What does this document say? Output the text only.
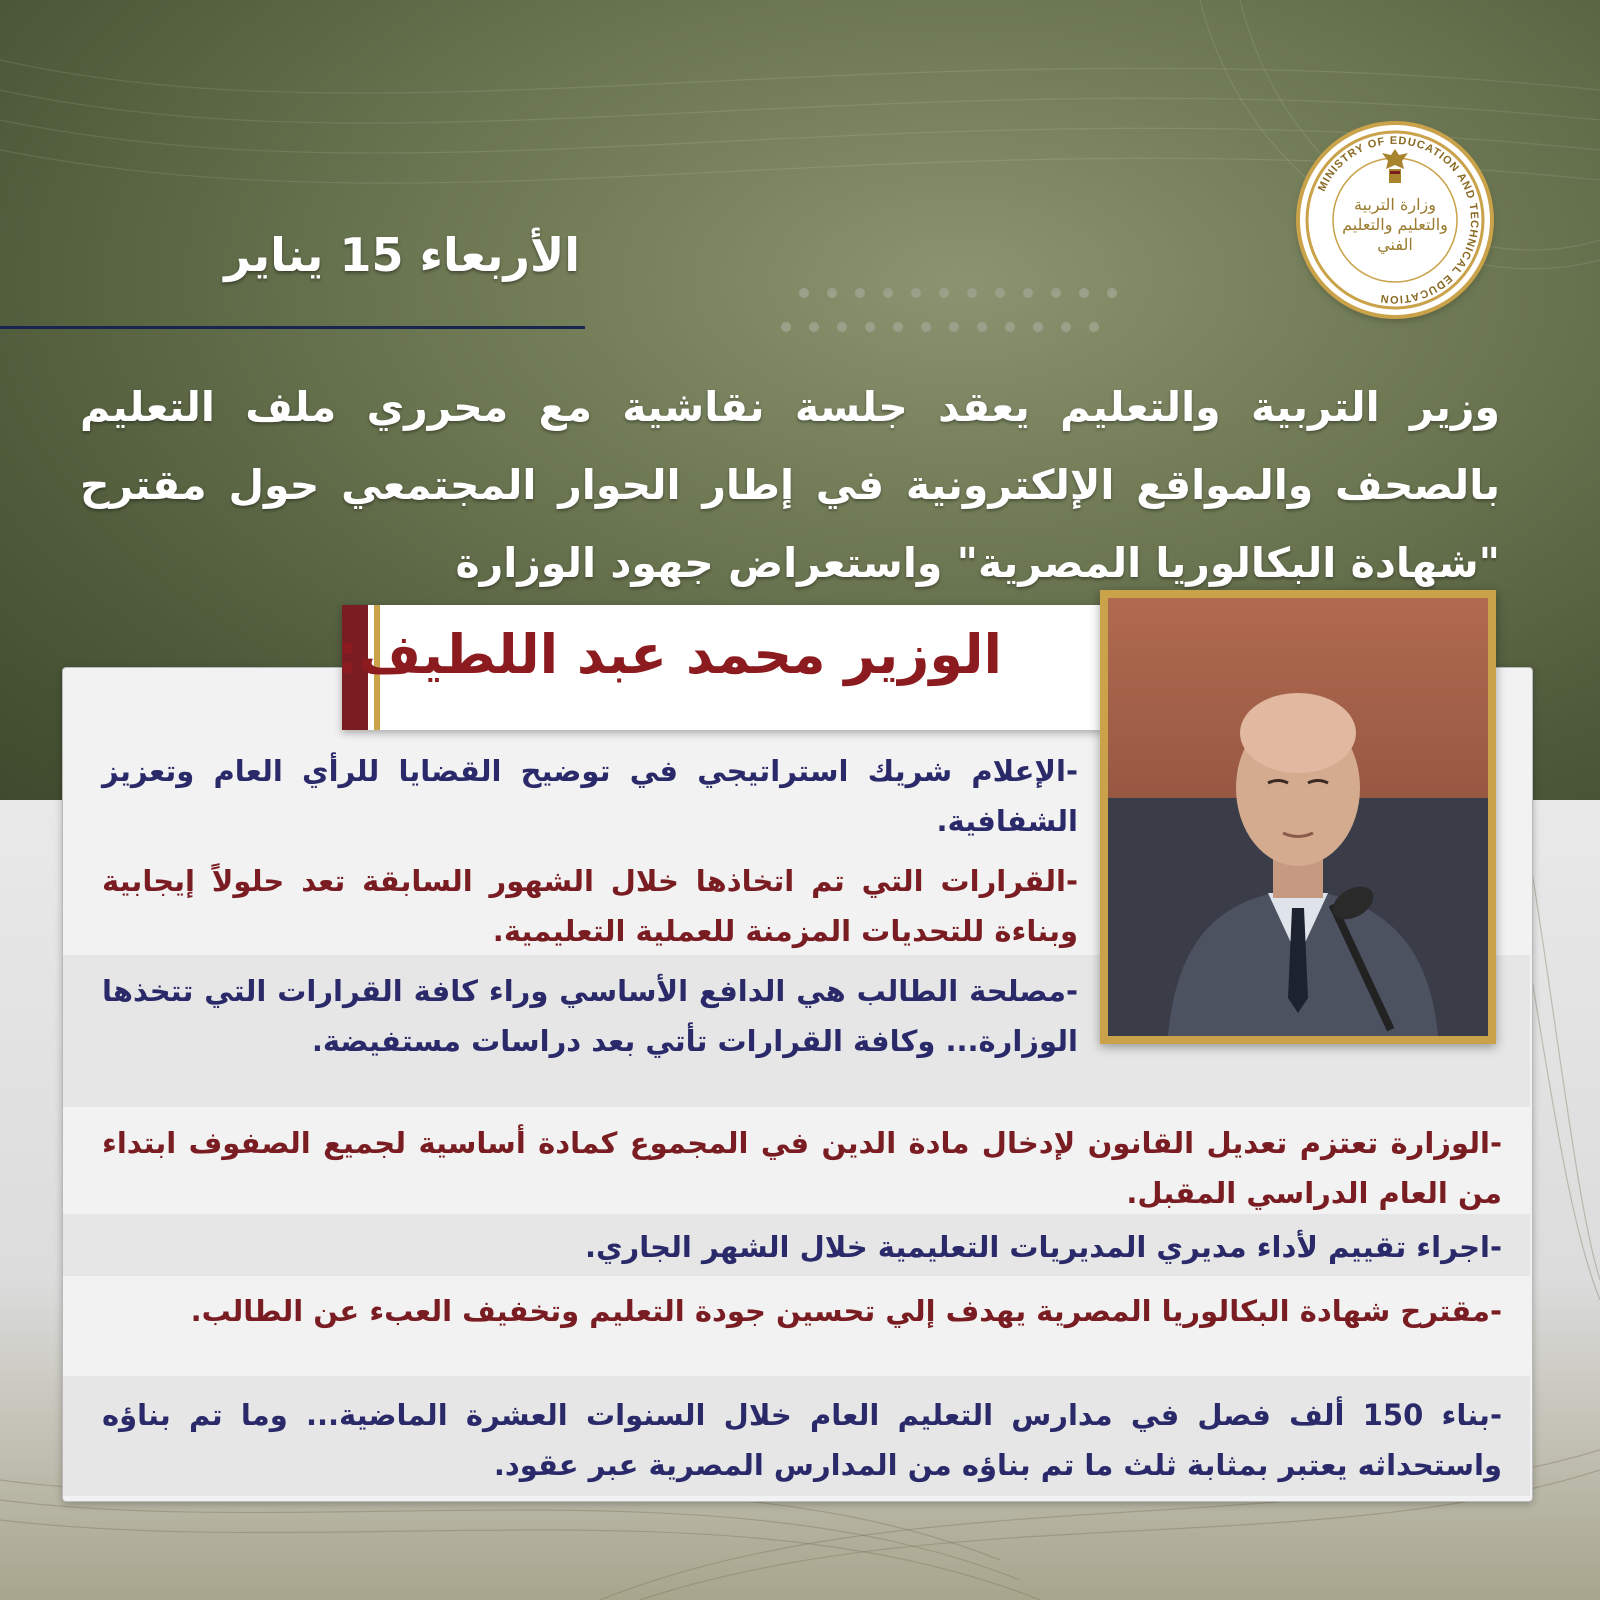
MINISTRY OF EDUCATION AND TECHNICAL EDUCATION
وزارة التربية والتعليم والتعليم الفني
الأربعاء 15 يناير
وزير التربية والتعليم يعقد جلسة نقاشية مع محرري ملف التعليم بالصحف والمواقع الإلكترونية في إطار الحوار المجتمعي حول مقترح "شهادة البكالوريا المصرية" واستعراض جهود الوزارة
الوزير محمد عبد اللطيف:
-الإعلام شريك استراتيجي في توضيح القضايا للرأي العام وتعزيز الشفافية.
-القرارات التي تم اتخاذها خلال الشهور السابقة تعد حلولاً إيجابية وبناءة للتحديات المزمنة للعملية التعليمية.
-مصلحة الطالب هي الدافع الأساسي وراء كافة القرارات التي تتخذها الوزارة... وكافة القرارات تأتي بعد دراسات مستفيضة.
-الوزارة تعتزم تعديل القانون لإدخال مادة الدين في المجموع كمادة أساسية لجميع الصفوف ابتداء من العام الدراسي المقبل.
-اجراء تقييم لأداء مديري المديريات التعليمية خلال الشهر الجاري.
-مقترح شهادة البكالوريا المصرية يهدف إلي تحسين جودة التعليم وتخفيف العبء عن الطالب.
-بناء 150 ألف فصل في مدارس التعليم العام خلال السنوات العشرة الماضية... وما تم بناؤه واستحداثه يعتبر بمثابة ثلث ما تم بناؤه من المدارس المصرية عبر عقود.
